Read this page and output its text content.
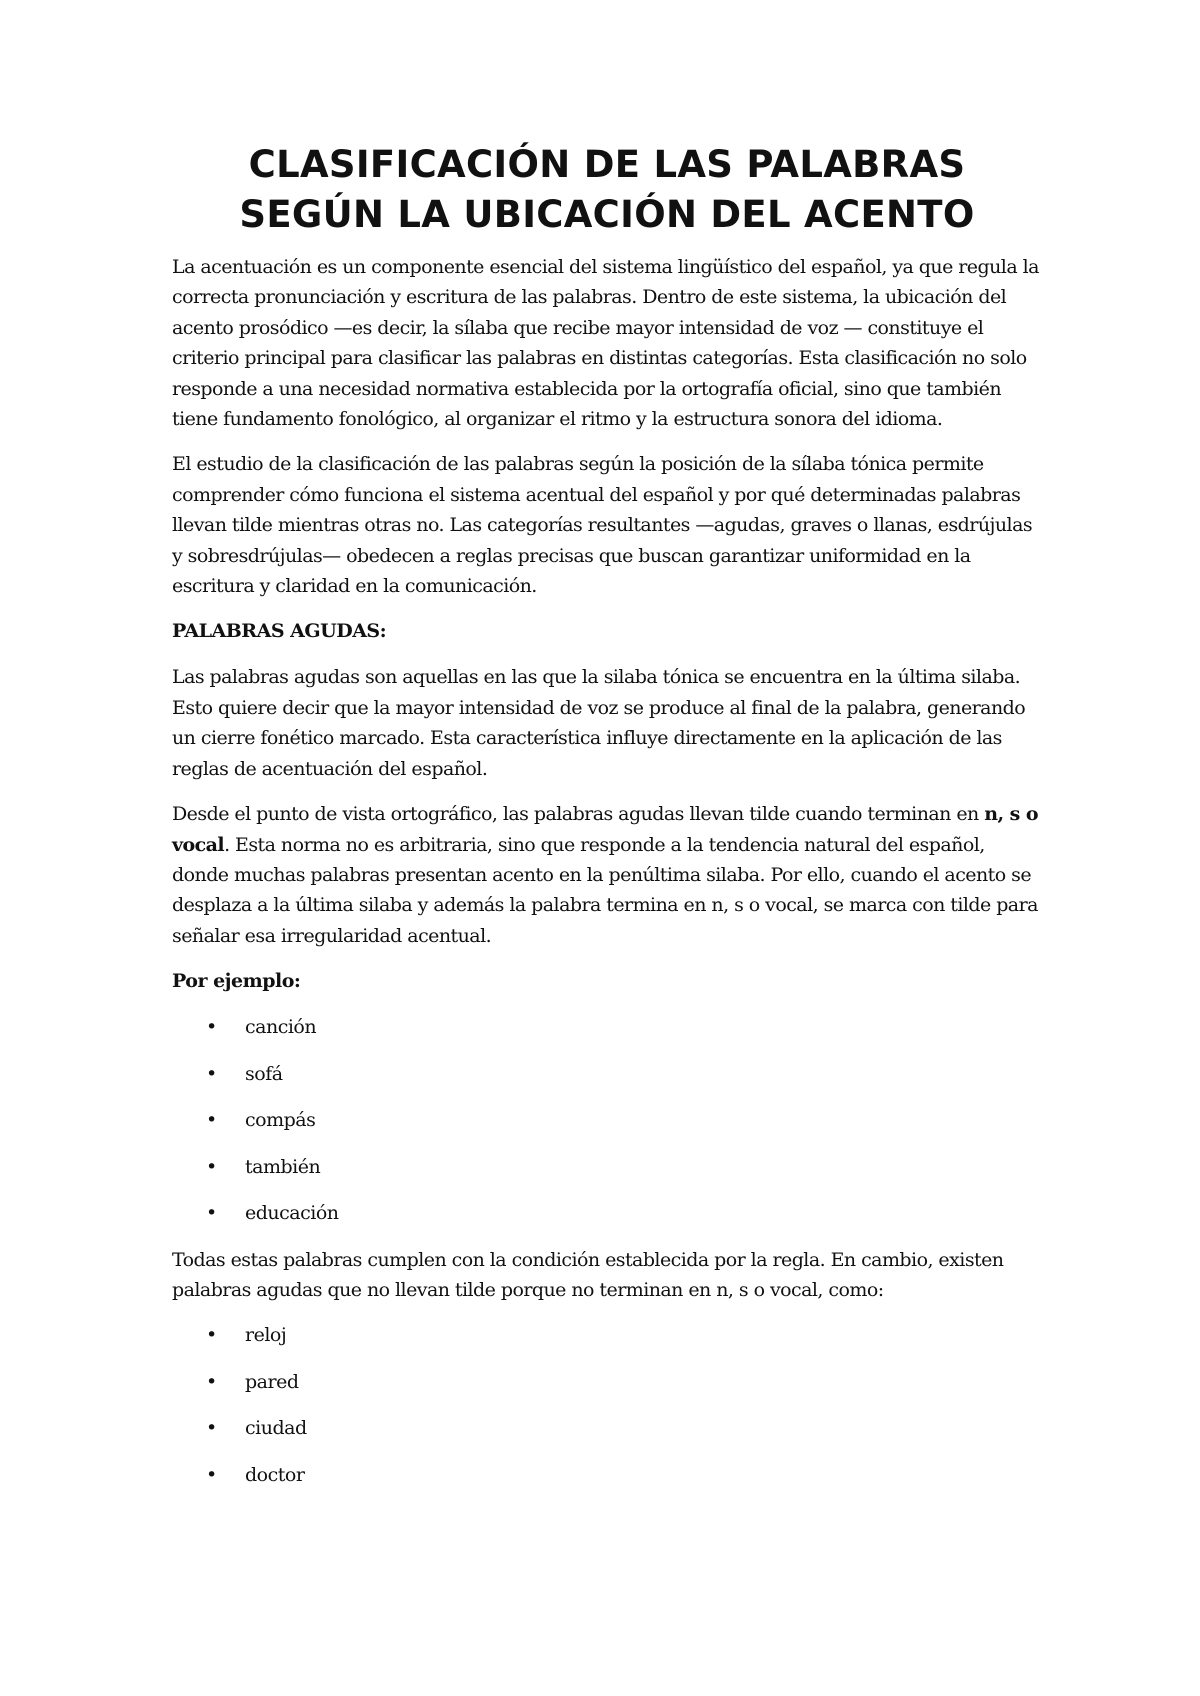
CLASIFICACIÓN DE LAS PALABRAS
SEGÚN LA UBICACIÓN DEL ACENTO

La acentuación es un componente esencial del sistema lingüístico del español, ya que regula la correcta pronunciación y escritura de las palabras. Dentro de este sistema, la ubicación del acento prosódico —es decir, la sílaba que recibe mayor intensidad de voz — constituye el criterio principal para clasificar las palabras en distintas categorías. Esta clasificación no solo responde a una necesidad normativa establecida por la ortografía oficial, sino que también tiene fundamento fonológico, al organizar el ritmo y la estructura sonora del idioma.

El estudio de la clasificación de las palabras según la posición de la sílaba tónica permite comprender cómo funciona el sistema acentual del español y por qué determinadas palabras llevan tilde mientras otras no. Las categorías resultantes —agudas, graves o llanas, esdrújulas y sobresdrújulas— obedecen a reglas precisas que buscan garantizar uniformidad en la escritura y claridad en la comunicación.

PALABRAS AGUDAS:

Las palabras agudas son aquellas en las que la silaba tónica se encuentra en la última silaba. Esto quiere decir que la mayor intensidad de voz se produce al final de la palabra, generando un cierre fonético marcado. Esta característica influye directamente en la aplicación de las reglas de acentuación del español.

Desde el punto de vista ortográfico, las palabras agudas llevan tilde cuando terminan en n, s o vocal. Esta norma no es arbitraria, sino que responde a la tendencia natural del español, donde muchas palabras presentan acento en la penúltima silaba. Por ello, cuando el acento se desplaza a la última silaba y además la palabra termina en n, s o vocal, se marca con tilde para señalar esa irregularidad acentual.

Por ejemplo:

• canción
• sofá
• compás
• también
• educación

Todas estas palabras cumplen con la condición establecida por la regla. En cambio, existen palabras agudas que no llevan tilde porque no terminan en n, s o vocal, como:

• reloj
• pared
• ciudad
• doctor
